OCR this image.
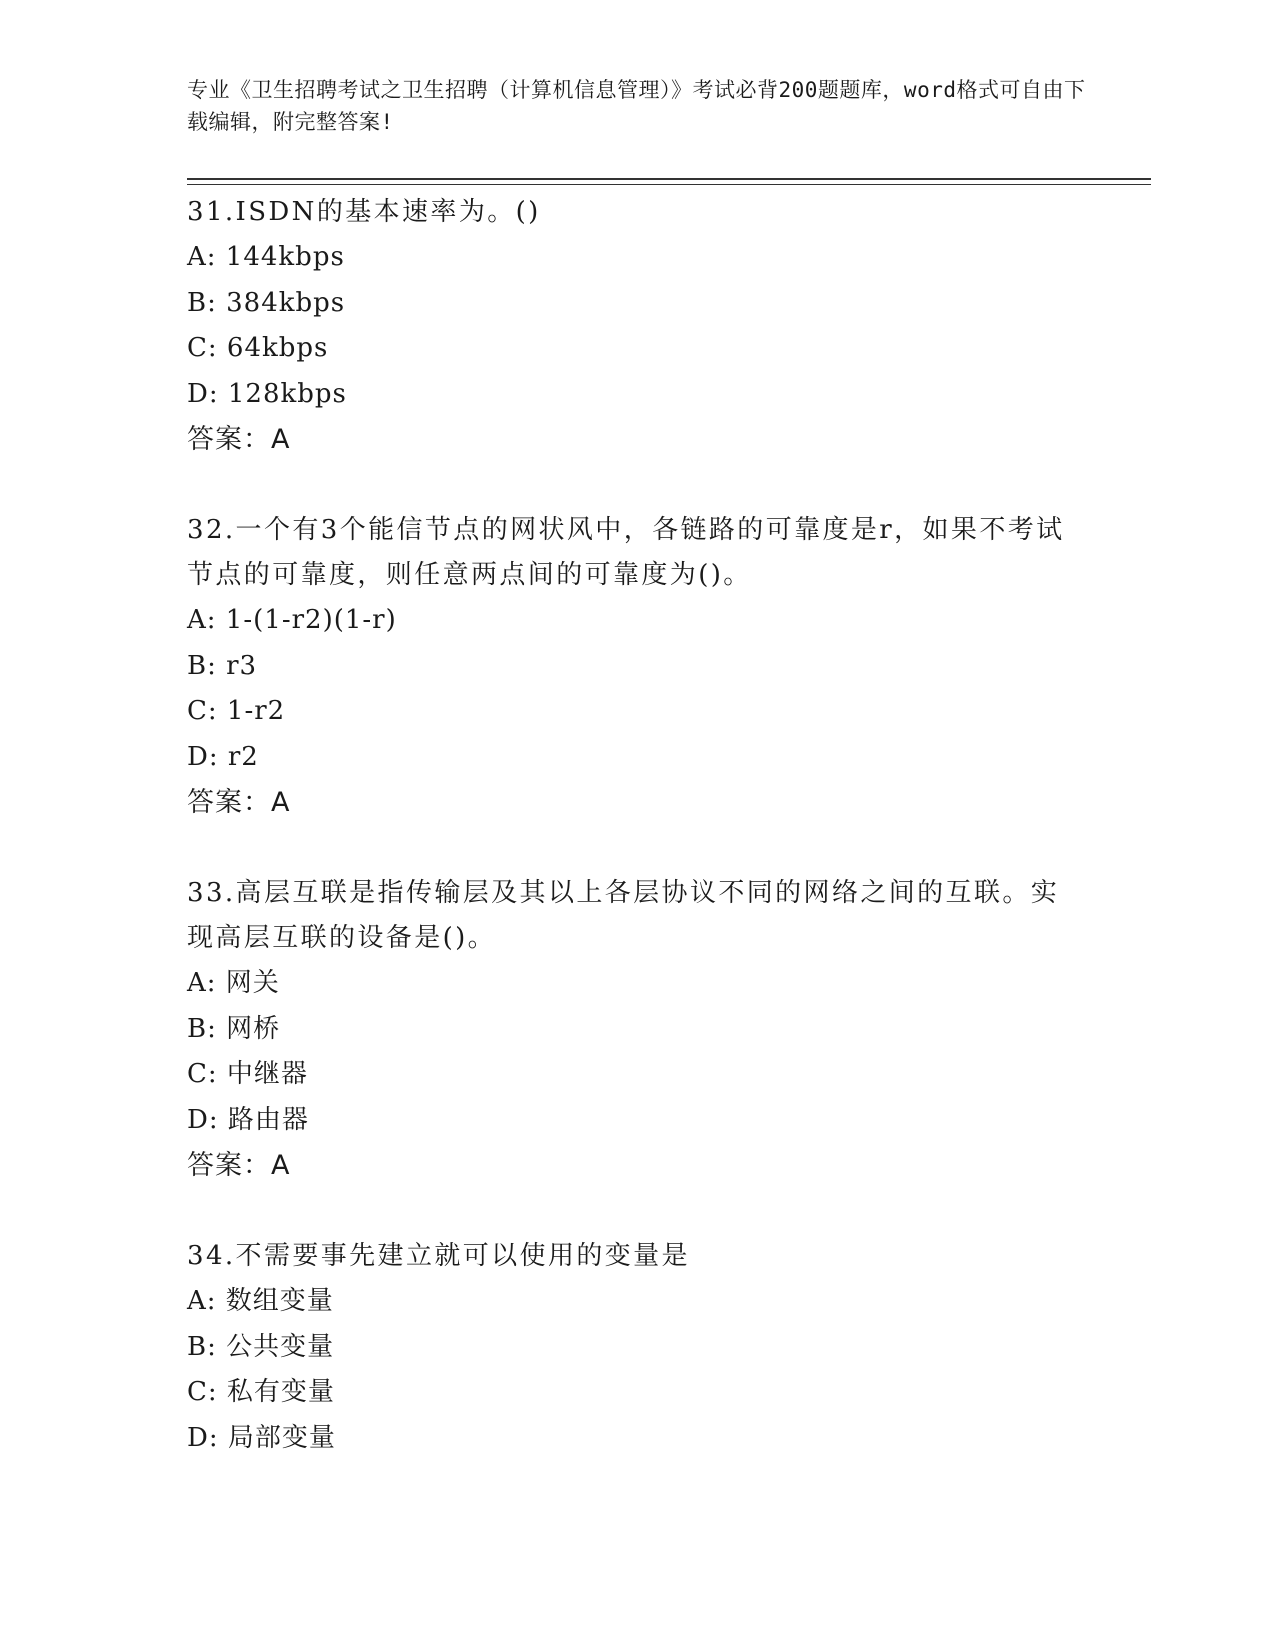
专业《卫生招聘考试之卫生招聘（计算机信息管理）》考试必背200题题库，word格式可自由下载编辑，附完整答案!

31.ISDN的基本速率为。()

A: 144kbps

B: 384kbps

C: 64kbps

D: 128kbps

答案：A

32.一个有3个能信节点的网状风中，各链路的可靠度是r，如果不考试节点的可靠度，则任意两点间的可靠度为()。

A: 1-(1-r2)(1-r)

B: r3

C: 1-r2

D: r2

答案：A

33.高层互联是指传输层及其以上各层协议不同的网络之间的互联。实现高层互联的设备是()。

A: 网关

B: 网桥

C: 中继器

D: 路由器

答案：A

34.不需要事先建立就可以使用的变量是

A: 数组变量

B: 公共变量

C: 私有变量

D: 局部变量
